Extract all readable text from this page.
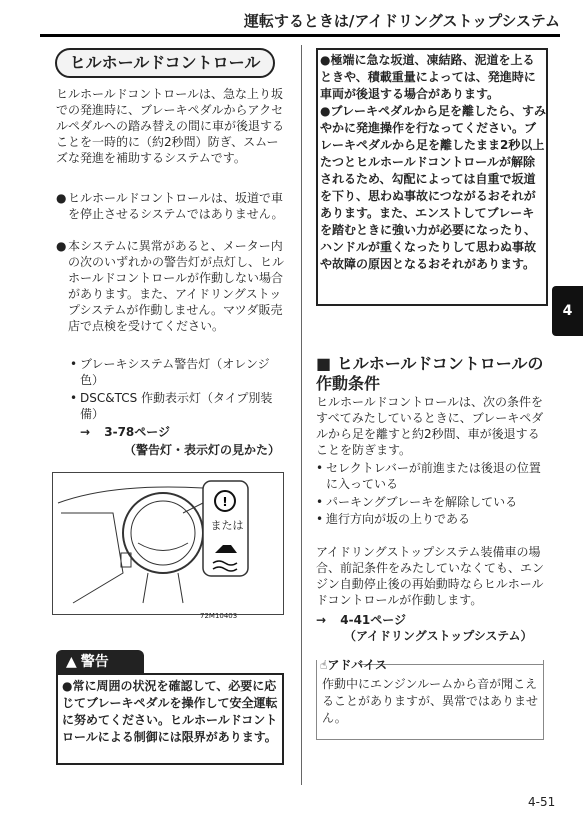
運転するときは/アイドリングストップシステム
ヒルホールドコントロール
ヒルホールドコントロールは、急な上り坂での発進時に、ブレーキペダルからアクセルペダルへの踏み替えの間に車が後退することを一時的に（約2秒間）防ぎ、スムーズな発進を補助するシステムです。
● ヒルホールドコントロールは、坂道で車を停止させるシステムではありません。
● 本システムに異常があると、メーター内の次のいずれかの警告灯が点灯し、ヒルホールドコントロールが作動しない場合があります。また、アイドリングストップシステムが作動しません。マツダ販売店で点検を受けてください。
• ブレーキシステム警告灯（オレンジ色）
• DSC&TCS 作動表示灯（タイプ別装備）
→ 3-78ページ
（警告灯・表示灯の見かた）
!
または
72M10403
▲ 警告
●常に周囲の状況を確認して、必要に応じてブレーキペダルを操作して安全運転に努めてください。ヒルホールドコントロールによる制御には限界があります。
●極端に急な坂道、凍結路、泥道を上るときや、積載重量によっては、発進時に車両が後退する場合があります。
●ブレーキペダルから足を離したら、すみやかに発進操作を行なってください。ブレーキペダルから足を離したまま2秒以上たつとヒルホールドコントロールが解除されるため、勾配によっては自重で坂道を下り、思わぬ事故につながるおそれがあります。また、エンストしてブレーキを踏むときに強い力が必要になったり、ハンドルが重くなったりして思わぬ事故や故障の原因となるおそれがあります。
■ ヒルホールドコントロールの作動条件
ヒルホールドコントロールは、次の条件をすべてみたしているときに、ブレーキペダルから足を離すと約2秒間、車が後退することを防ぎます。
• セレクトレバーが前進または後退の位置に入っている
• パーキングブレーキを解除している
• 進行方向が坂の上りである
アイドリングストップシステム装備車の場合、前記条件をみたしていなくても、エンジン自動停止後の再始動時ならヒルホールドコントロールが作動します。
→ 4-41ページ
（アイドリングストップシステム）
☝アドバイス
作動中にエンジンルームから音が聞こえることがありますが、異常ではありません。
4
4-51
